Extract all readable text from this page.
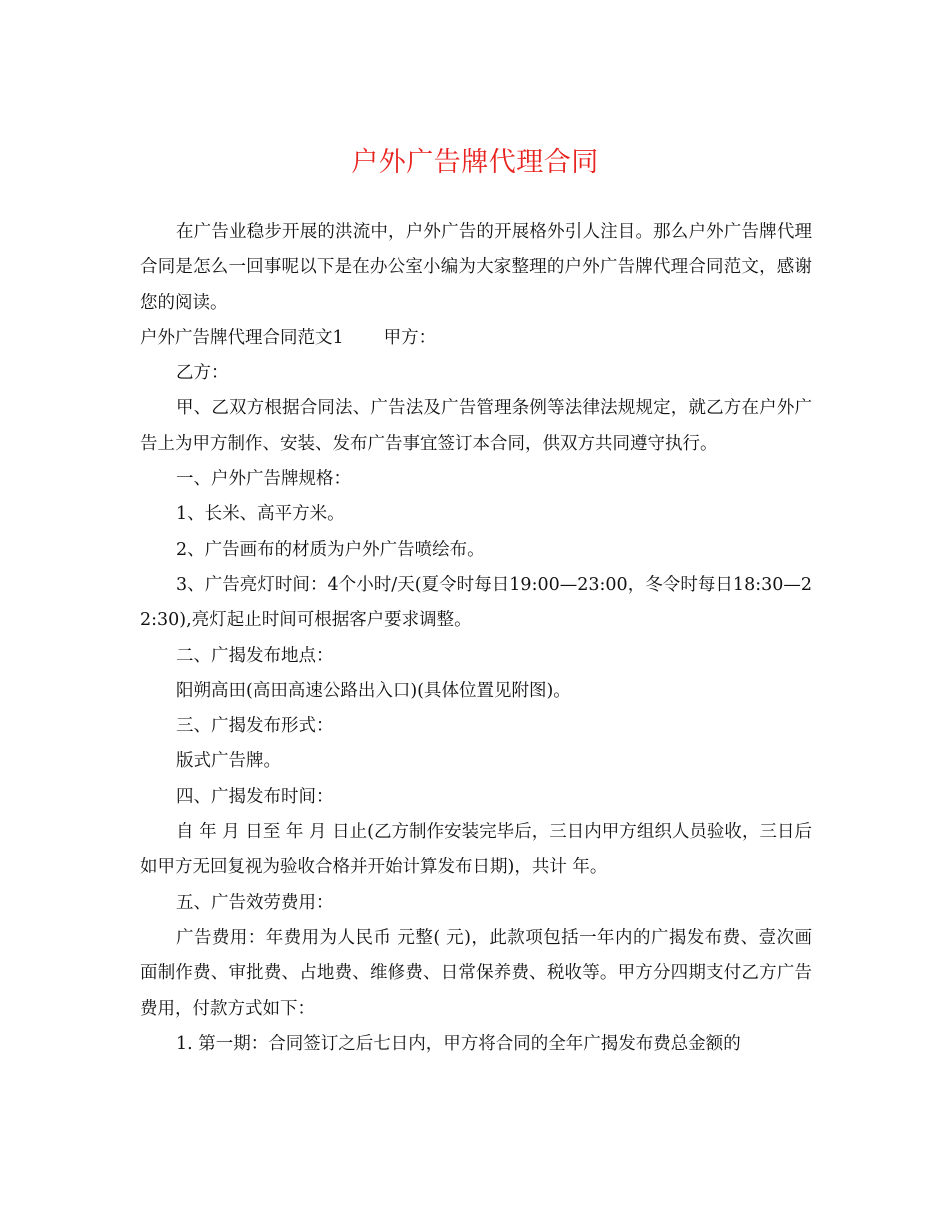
户外广告牌代理合同

在广告业稳步开展的洪流中，户外广告的开展格外引人注目。那么户外广告牌代理合同是怎么一回事呢以下是在办公室小编为大家整理的户外广告牌代理合同范文，感谢您的阅读。

户外广告牌代理合同范文1 甲方：

乙方：

甲、乙双方根据合同法、广告法及广告管理条例等法律法规规定，就乙方在户外广告上为甲方制作、安装、发布广告事宜签订本合同，供双方共同遵守执行。

一、户外广告牌规格：

1、长米、高平方米。

2、广告画布的材质为户外广告喷绘布。

3、广告亮灯时间：4个小时/天(夏令时每日19:00—23:00，冬令时每日18:30—22:30),亮灯起止时间可根据客户要求调整。

二、广揭发布地点：

阳朔高田(高田高速公路出入口)(具体位置见附图)。

三、广揭发布形式：

版式广告牌。

四、广揭发布时间：

自 年 月 日至 年 月 日止(乙方制作安装完毕后，三日内甲方组织人员验收，三日后如甲方无回复视为验收合格并开始计算发布日期)，共计 年。

五、广告效劳费用：

广告费用：年费用为人民币 元整( 元)，此款项包括一年内的广揭发布费、壹次画面制作费、审批费、占地费、维修费、日常保养费、税收等。甲方分四期支付乙方广告费用，付款方式如下：

1. 第一期：合同签订之后七日内，甲方将合同的全年广揭发布费总金额的
